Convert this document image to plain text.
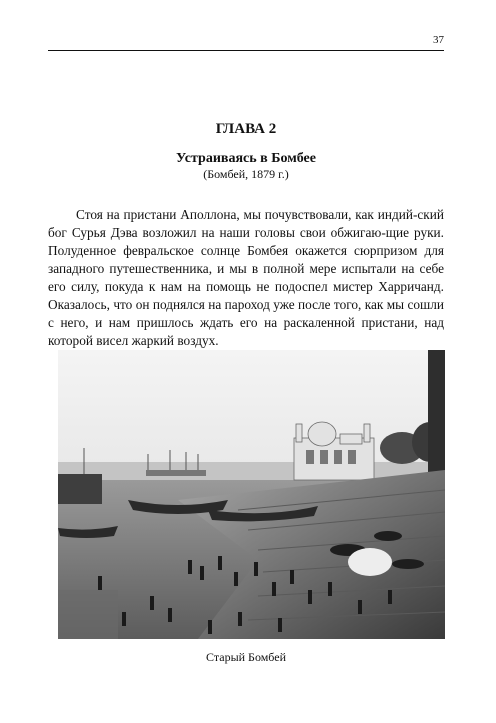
37
ГЛАВА 2
Устраиваясь в Бомбее
(Бомбей, 1879 г.)

Стоя на пристани Аполлона, мы почувствовали, как индий-ский бог Сурья Дэва возложил на наши головы свои обжигаю-щие руки. Полуденное февральское солнце Бомбея окажется сюрпризом для западного путешественника, и мы в полной мере испытали на себе его силу, покуда к нам на помощь не подоспел мистер Харричанд. Оказалось, что он поднялся на пароход уже после того, как мы сошли с него, и нам пришлось ждать его на раскаленной пристани, над которой висел жаркий воздух.

Старый Бомбей
